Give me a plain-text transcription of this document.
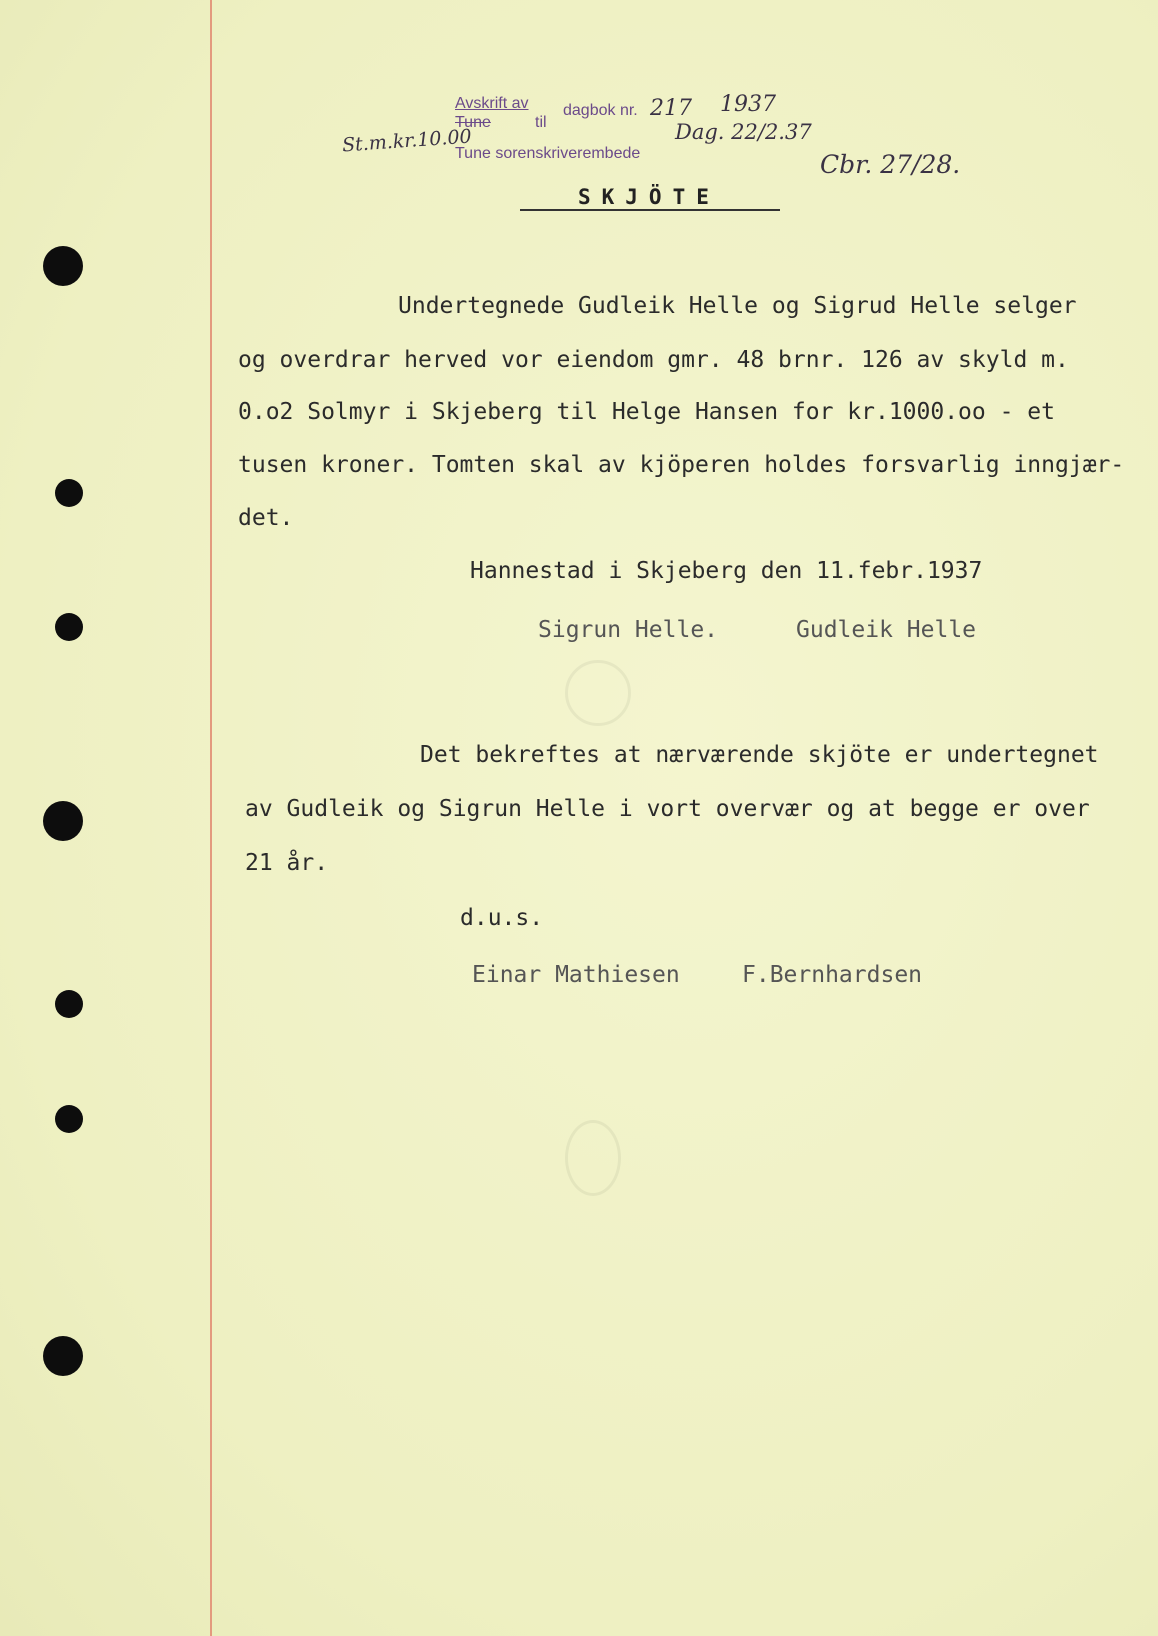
Avskrift av
Tune	til
dagbok nr.
Tune sorenskriverembede
217 1937
Dag. 22/2.37
St.m.kr.10.00
Cbr. 27/28.
SKJÖTE
Undertegnede Gudleik Helle og Sigrud Helle selger
og overdrar herved vor eiendom gmr. 48 brnr. 126 av skyld m.
0.o2 Solmyr i Skjeberg til Helge Hansen for kr.1000.oo - et
tusen kroner. Tomten skal av kjöperen holdes forsvarlig inngjær-
det.
Hannestad i Skjeberg den 11.febr.1937
Sigrun Helle.	Gudleik Helle
Det bekreftes at nærværende skjöte er undertegnet
av Gudleik og Sigrun Helle i vort overvær og at begge er over
21 år.
d.u.s.
Einar Mathiesen	F.Bernhardsen
